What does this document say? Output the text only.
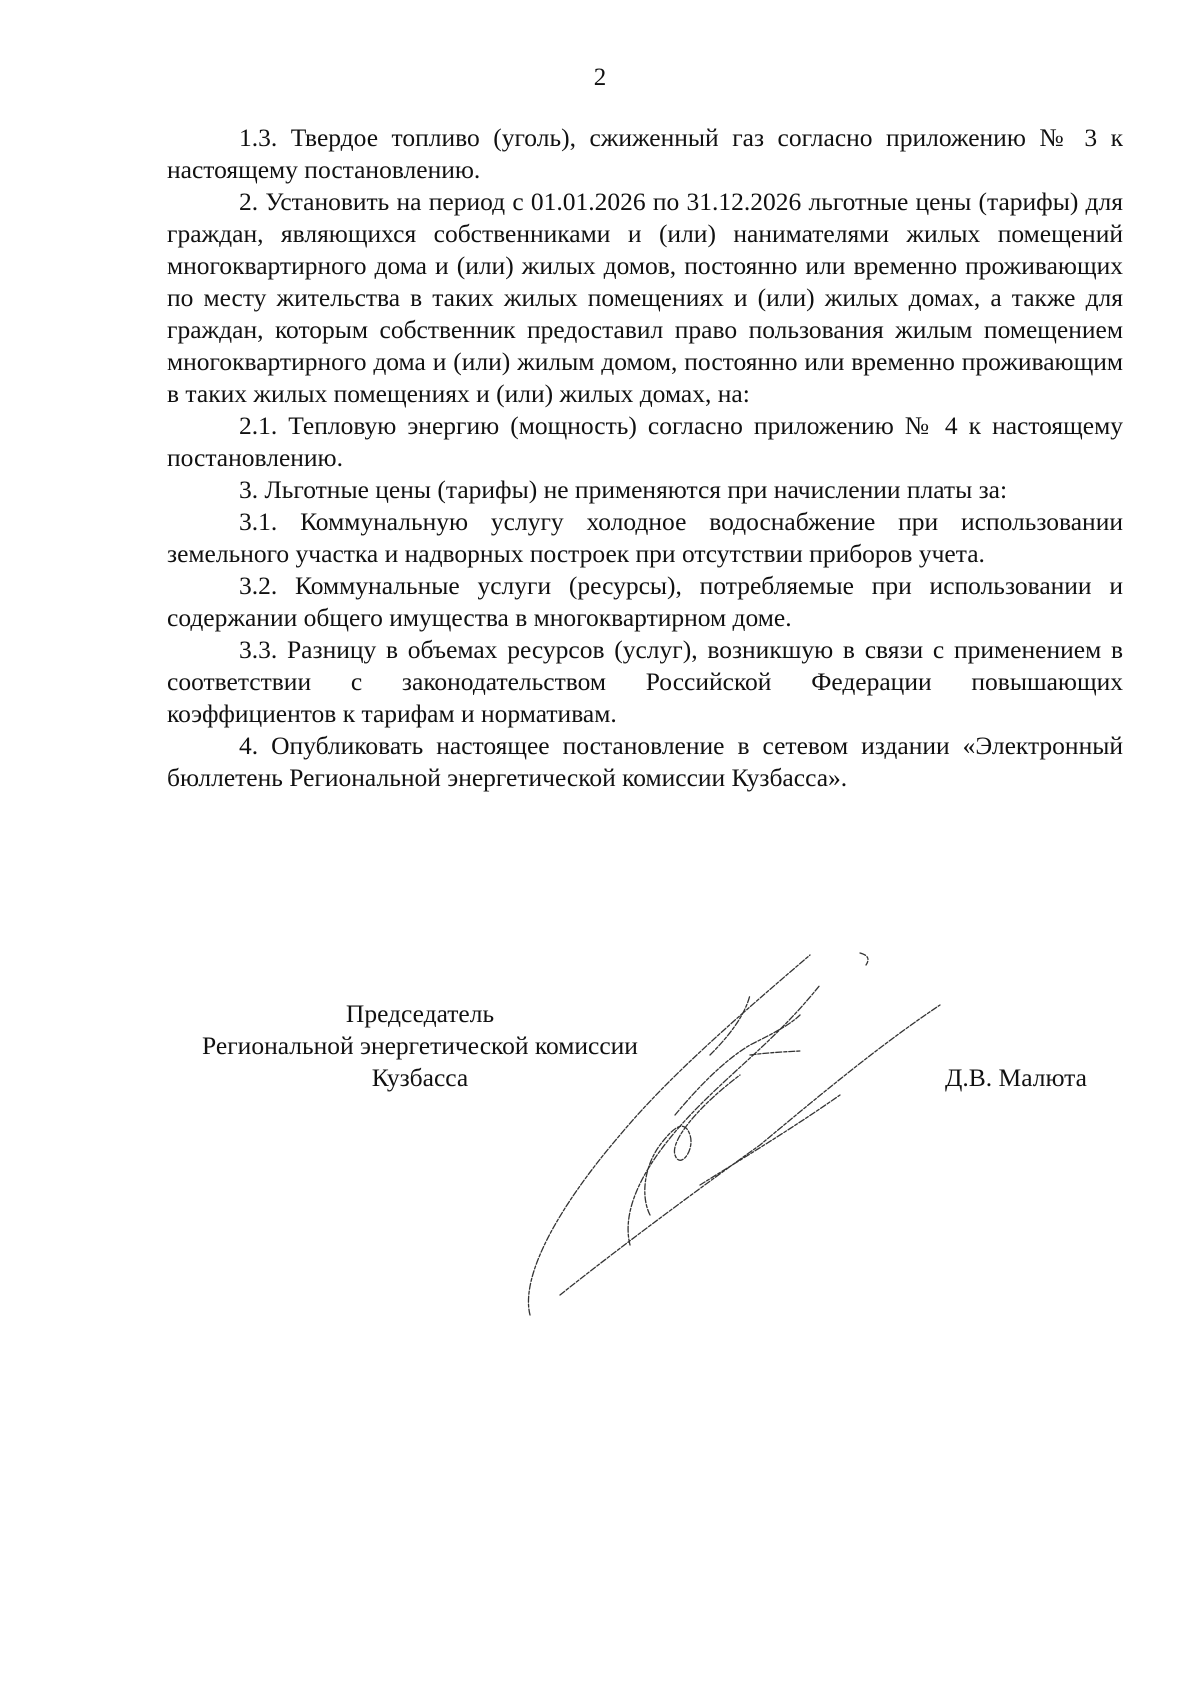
2

1.3. Твердое топливо (уголь), сжиженный газ согласно приложению № 3 к настоящему постановлению.

2. Установить на период с 01.01.2026 по 31.12.2026 льготные цены (тарифы) для граждан, являющихся собственниками и (или) нанимателями жилых помещений многоквартирного дома и (или) жилых домов, постоянно или временно проживающих по месту жительства в таких жилых помещениях и (или) жилых домах, а также для граждан, которым собственник предоставил право пользования жилым помещением многоквартирного дома и (или) жилым домом, постоянно или временно проживающим в таких жилых помещениях и (или) жилых домах, на:

2.1. Тепловую энергию (мощность) согласно приложению № 4 к настоящему постановлению.

3. Льготные цены (тарифы) не применяются при начислении платы за:

3.1. Коммунальную услугу холодное водоснабжение при использовании земельного участка и надворных построек при отсутствии приборов учета.

3.2. Коммунальные услуги (ресурсы), потребляемые при использовании и содержании общего имущества в многоквартирном доме.

3.3. Разницу в объемах ресурсов (услуг), возникшую в связи с применением в соответствии с законодательством Российской Федерации повышающих коэффициентов к тарифам и нормативам.

4. Опубликовать настоящее постановление в сетевом издании «Электронный бюллетень Региональной энергетической комиссии Кузбасса».

Председатель
Региональной энергетической комиссии
Кузбасса	Д.В. Малюта
